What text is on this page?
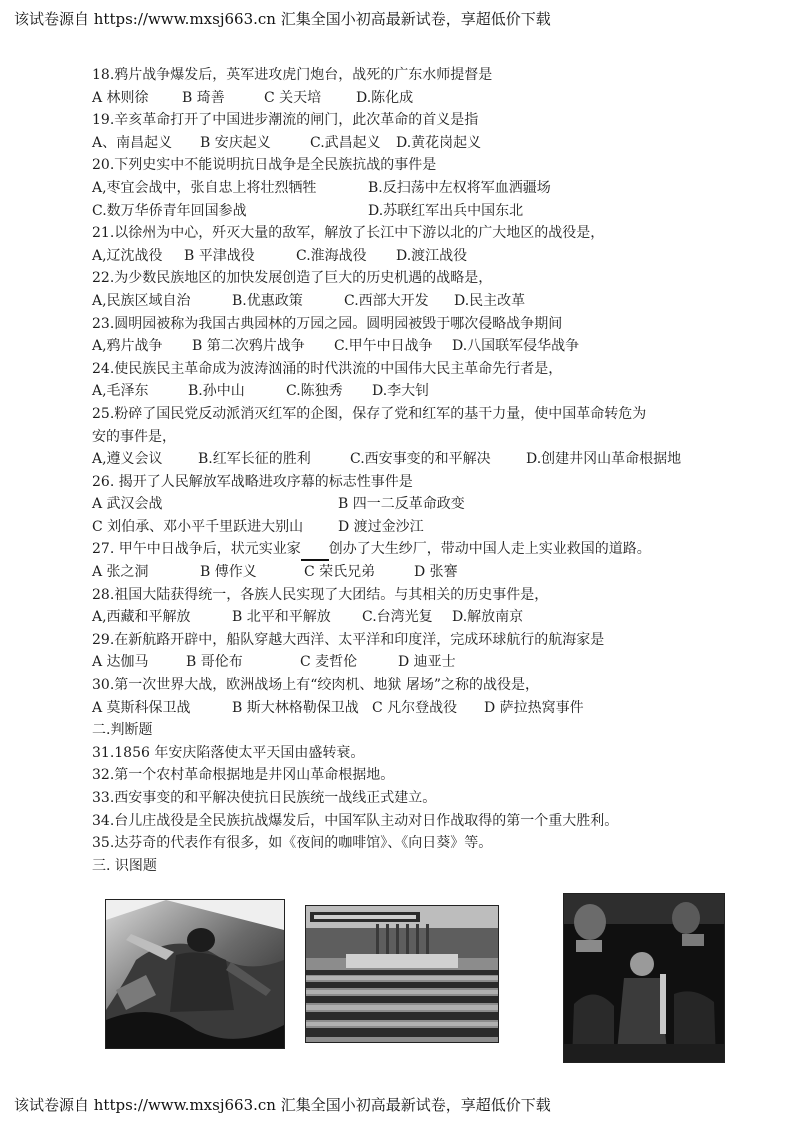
该试卷源自 https://www.mxsj663.cn 汇集全国小初高最新试卷，享超低价下载
18.鸦片战争爆发后，英军进攻虎门炮台，战死的广东水师提督是
A 林则徐	B 琦善	C 关天培	D.陈化成
19.辛亥革命打开了中国进步潮流的闸门，此次革命的首义是指
A、南昌起义	B 安庆起义	C.武昌起义	D.黄花岗起义
20.下列史实中不能说明抗日战争是全民族抗战的事件是
A,枣宜会战中，张自忠上将壮烈牺牲	B.反扫荡中左权将军血洒疆场
C.数万华侨青年回国参战	D.苏联红军出兵中国东北
21.以徐州为中心，歼灭大量的敌军，解放了长江中下游以北的广大地区的战役是，
A,辽沈战役	B 平津战役	C.淮海战役	D.渡江战役
22.为少数民族地区的加快发展创造了巨大的历史机遇的战略是，
A,民族区域自治	B.优惠政策	C.西部大开发	D.民主改革
23.圆明园被称为我国古典园林的万园之园。圆明园被毁于哪次侵略战争期间
A,鸦片战争	B 第二次鸦片战争	C.甲午中日战争	D.八国联军侵华战争
24.使民族民主革命成为波涛汹涌的时代洪流的中国伟大民主革命先行者是，
A,毛泽东	B.孙中山	C.陈独秀	D.李大钊
25.粉碎了国民党反动派消灭红军的企图，保存了党和红军的基干力量，使中国革命转危为
安的事件是，
A,遵义会议	B.红军长征的胜利	C.西安事变的和平解决	D.创建井冈山革命根据地
26. 揭开了人民解放军战略进攻序幕的标志性事件是
A 武汉会战	B 四一二反革命政变
C 刘伯承、邓小平千里跃进大别山	D 渡过金沙江
27. 甲午中日战争后，状元实业家 创办了大生纱厂，带动中国人走上实业救国的道路。
A 张之洞	B 傅作义	C 荣氏兄弟	D 张謇
28.祖国大陆获得统一，各族人民实现了大团结。与其相关的历史事件是，
A,西藏和平解放	B 北平和平解放	C.台湾光复	D.解放南京
29.在新航路开辟中，船队穿越大西洋、太平洋和印度洋，完成环球航行的航海家是
A 达伽马	B 哥伦布	C 麦哲伦	D 迪亚士
30.第一次世界大战，欧洲战场上有“绞肉机、地狱 屠场”之称的战役是，
A 莫斯科保卫战	B 斯大林格勒保卫战 C 凡尔登战役	D 萨拉热窝事件
二.判断题
31.1856 年安庆陷落使太平天国由盛转衰。
32.第一个农村革命根据地是井冈山革命根据地。
33.西安事变的和平解决使抗日民族统一战线正式建立。
34.台儿庄战役是全民族抗战爆发后，中国军队主动对日作战取得的第一个重大胜利。
35.达芬奇的代表作有很多，如《夜间的咖啡馆》、《向日葵》等。
三. 识图题
该试卷源自 https://www.mxsj663.cn 汇集全国小初高最新试卷，享超低价下载
